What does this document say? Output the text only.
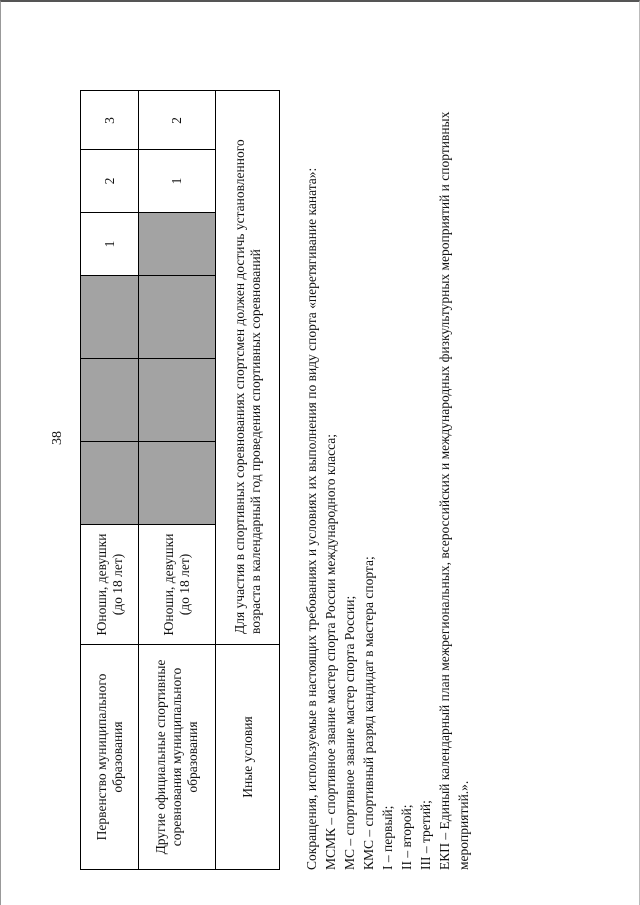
38
Первенство муниципального образования
Юноши, девушки (до 18 лет)
1
2
3
Другие официальные спортивные соревнования муниципального образования
Юноши, девушки (до 18 лет)
1
2
Иные условия
Для участия в спортивных соревнованиях спортсмен должен достичь установленного возраста в календарный год проведения спортивных соревнований	Сокращения, используемые в настоящих требованиях и условиях их выполнения по виду спорта «перетягивание каната»: МСМК – спортивное звание мастер спорта России международного класса; МС – спортивное звание мастер спорта России; КМС – спортивный разряд кандидат в мастера спорта; I – первый; II – второй; III – третий; ЕКП – Единый календарный план межрегиональных, всероссийских и международных физкультурных мероприятий и спортивных мероприятий.».
